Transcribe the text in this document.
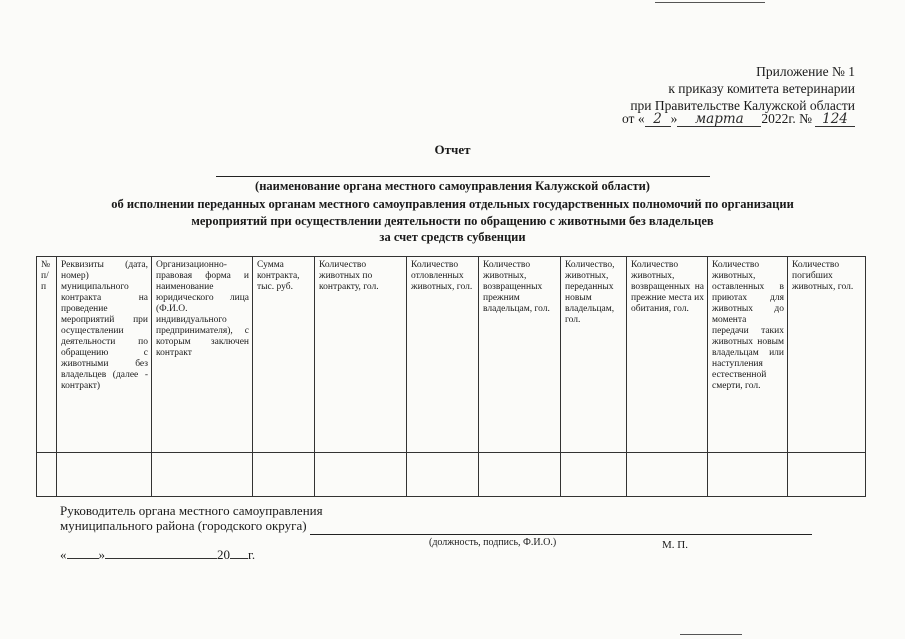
Приложение № 1
к приказу комитета ветеринарии
при Правительстве Калужской области
от « 2 » марта 2022г. № 124
Отчет
(наименование органа местного самоуправления Калужской области)
об исполнении переданных органам местного самоуправления отдельных государственных полномочий по организации
мероприятий при осуществлении деятельности по обращению с животными без владельцев
за счет средств субвенции
№ п/п	Реквизиты (дата, номер) муниципального контракта на проведение мероприятий при осуществлении деятельности по обращению с животными без владельцев (далее - контракт)	Организационно-правовая форма и наименование юридического лица (Ф.И.О. индивидуального предпринимателя), с которым заключен контракт	Сумма контракта, тыс. руб.	Количество животных по контракту, гол.	Количество отловленных животных, гол.	Количество животных, возвращенных прежним владельцам, гол.	Количество, животных, переданных новым владельцам, гол.	Количество животных, возвращенных на прежние места их обитания, гол.	Количество животных, оставленных в приютах для животных до момента передачи таких животных новым владельцам или наступления естественной смерти, гол.	Количество погибших животных, гол.

Руководитель органа местного самоуправления
муниципального района (городского округа)
(должность, подпись, Ф.И.О.)	М. П.
« »	20 г.
